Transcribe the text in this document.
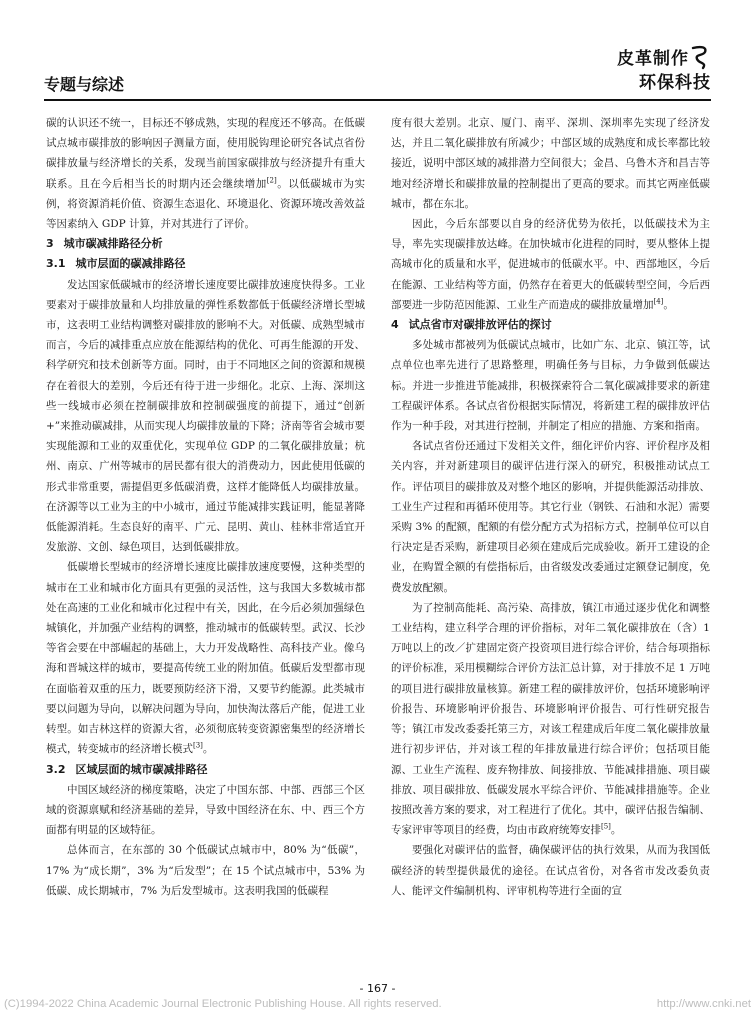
专题与综述
皮革制作
环保科技

碳的认识还不统一，目标还不够成熟，实现的程度还不够高。在低碳试点城市碳排放的影响因子测量方面，使用脱钩理论研究各试点省份碳排放量与经济增长的关系，发现当前国家碳排放与经济提升有重大联系。且在今后相当长的时期内还会继续增加[2]。以低碳城市为实例，将资源消耗价值、资源生态退化、环境退化、资源环境改善效益等因素纳入 GDP 计算，并对其进行了评价。

3 城市碳减排路径分析
3.1 城市层面的碳减排路径

发达国家低碳城市的经济增长速度要比碳排放速度快得多。工业要素对于碳排放量和人均排放量的弹性系数都低于低碳经济增长型城市，这表明工业结构调整对碳排放的影响不大。对低碳、成熟型城市而言，今后的减排重点应放在能源结构的优化、可再生能源的开发、科学研究和技术创新等方面。同时，由于不同地区之间的资源和规模存在着很大的差别，今后还有待于进一步细化。北京、上海、深圳这些一线城市必须在控制碳排放和控制碳强度的前提下，通过“创新+”来推动碳减排，从而实现人均碳排放量的下降；济南等省会城市要实现能源和工业的双重优化，实现单位 GDP 的二氧化碳排放量；杭州、南京、广州等城市的居民都有很大的消费动力，因此使用低碳的形式非常重要，需提倡更多低碳消费，这样才能降低人均碳排放量。在济源等以工业为主的中小城市，通过节能减排实践证明，能显著降低能源消耗。生态良好的南平、广元、昆明、黄山、桂林非常适宜开发旅游、文创、绿色项目，达到低碳排放。

低碳增长型城市的经济增长速度比碳排放速度要慢，这种类型的城市在工业和城市化方面具有更强的灵活性，这与我国大多数城市都处在高速的工业化和城市化过程中有关，因此，在今后必须加强绿色城镇化，并加强产业结构的调整，推动城市的低碳转型。武汉、长沙等省会要在中部崛起的基础上，大力开发战略性、高科技产业。像乌海和晋城这样的城市，要提高传统工业的附加值。低碳后发型都市现在面临着双重的压力，既要预防经济下滑，又要节约能源。此类城市要以问题为导向，以解决问题为导向，加快淘汰落后产能，促进工业转型。如吉林这样的资源大省，必须彻底转变资源密集型的经济增长模式，转变城市的经济增长模式[3]。

3.2 区域层面的城市碳减排路径

中国区域经济的梯度策略，决定了中国东部、中部、西部三个区域的资源禀赋和经济基础的差异，导致中国经济在东、中、西三个方面都有明显的区域特征。

总体而言，在东部的 30 个低碳试点城市中，80% 为“低碳”，17% 为“成长期”，3% 为“后发型”；在 15 个试点城市中，53% 为低碳、成长期城市，7% 为后发型城市。这表明我国的低碳程

度有很大差别。北京、厦门、南平、深圳、深圳率先实现了经济发达，并且二氧化碳排放有所减少；中部区域的成熟度和成长率都比较接近，说明中部区域的减排潜力空间很大；金昌、乌鲁木齐和昌吉等地对经济增长和碳排放量的控制提出了更高的要求。而其它两座低碳城市，都在东北。

因此，今后东部要以自身的经济优势为依托，以低碳技术为主导，率先实现碳排放达峰。在加快城市化进程的同时，要从整体上提高城市化的质量和水平，促进城市的低碳水平。中、西部地区，今后在能源、工业结构等方面，仍然存在着更大的低碳转型空间，今后西部要进一步防范因能源、工业生产而造成的碳排放量增加[4]。

4 试点省市对碳排放评估的探讨

多处城市都被列为低碳试点城市，比如广东、北京、镇江等，试点单位也率先进行了思路整理，明确任务与目标，力争做到低碳达标。并进一步推进节能减排，积极探索符合二氧化碳减排要求的新建工程碳评体系。各试点省份根据实际情况，将新建工程的碳排放评估作为一种手段，对其进行控制，并制定了相应的措施、方案和指南。

各试点省份还通过下发相关文件，细化评价内容、评价程序及相关内容，并对新建项目的碳评估进行深入的研究，积极推动试点工作。评估项目的碳排放及对整个地区的影响，并提供能源活动排放、工业生产过程和再循环使用等。其它行业（钢铁、石油和水泥）需要采购 3% 的配额，配额的有偿分配方式为招标方式，控制单位可以自行决定是否采购，新建项目必须在建成后完成验收。新开工建设的企业，在购置全额的有偿指标后，由省级发改委通过定额登记制度，免费发放配额。

为了控制高能耗、高污染、高排放，镇江市通过逐步优化和调整工业结构，建立科学合理的评价指标，对年二氧化碳排放在（含）1 万吨以上的改／扩建固定资产投资项目进行综合评价，结合每项指标的评价标准，采用模糊综合评价方法汇总计算，对于排放不足 1 万吨的项目进行碳排放量核算。新建工程的碳排放评价，包括环境影响评价报告、环境影响评价报告、环境影响评价报告、可行性研究报告等；镇江市发改委委托第三方，对该工程建成后年度二氧化碳排放量进行初步评估，并对该工程的年排放量进行综合评价；包括项目能源、工业生产流程、废弃物排放、间接排放、节能减排措施、项目碳排放、项目碳排放、低碳发展水平综合评价、节能减排措施等。企业按照改善方案的要求，对工程进行了优化。其中，碳评估报告编制、专家评审等项目的经费，均由市政府统筹安排[5]。

要强化对碳评估的监督，确保碳评估的执行效果，从而为我国低碳经济的转型提供最优的途径。在试点省份，对各省市发改委负责人、能评文件编制机构、评审机构等进行全面的宣

- 167 -
(C)1994-2022 China Academic Journal Electronic Publishing House. All rights reserved.	http://www.cnki.net
